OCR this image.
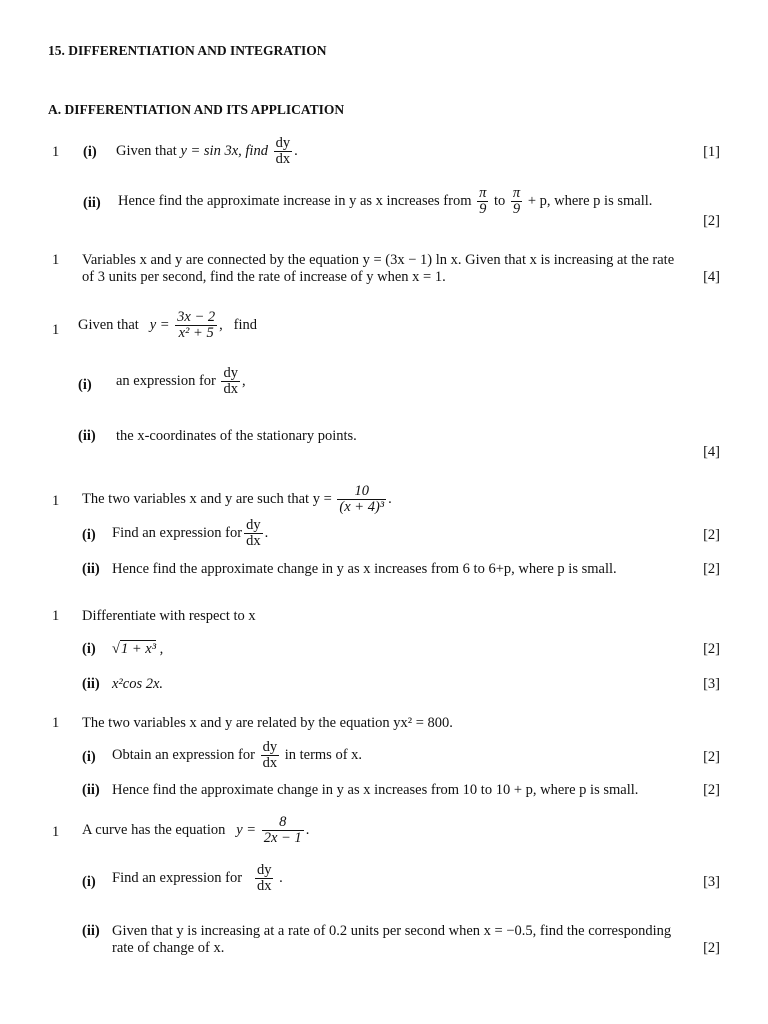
15. DIFFERENTIATION AND INTEGRATION
A. DIFFERENTIATION AND ITS APPLICATION
1 (i) Given that y = sin 3x, find $\frac{dy}{dx}$ .	[1]
(ii) Hence find the approximate increase in y as x increases from $\frac{\pi}{9}$ to $\frac{\pi}{9} + p$, where p is small.
[2]
1 Variables x and y are connected by the equation y = (3x − 1) ln x. Given that x is increasing at the rate
of 3 units per second, find the rate of increase of y when x = 1.	[4]
1 Given that $y = \frac{3x - 2}{\text{x² + 5}}$ ,   find
(i) an expression for $\frac{dy}{dx}$ ,
(ii) the x-coordinates of the stationary points.
[4]
1 The two variables x and y are such that $y = \frac{10}{\text{(x + 4)³}}$ .
(i) Find an expression for $\frac{dy}{dx}$ .	[2]
(ii) Hence find the approximate change in y as x increases from 6 to 6+p, where p is small.	[2]
1 Differentiate with respect to x
(i) √1 + x³ ,	[2]
(ii) x²cos 2x.	[3]
1 The two variables x and y are related by the equation yx² = 800.
(i) Obtain an expression for $\frac{dy}{dx}$ in terms of x.	[2]
(ii) Hence find the approximate change in y as x increases from 10 to 10 + p, where p is small.	[2]
1 A curve has the equation $y = \frac{8}{2x - 1}$ .
(i) Find an expression for $\frac{dy}{dx}$ .	[3]
(ii) Given that y is increasing at a rate of 0.2 units per second when x = −0.5, find the corresponding
rate of change of x.	[2]
